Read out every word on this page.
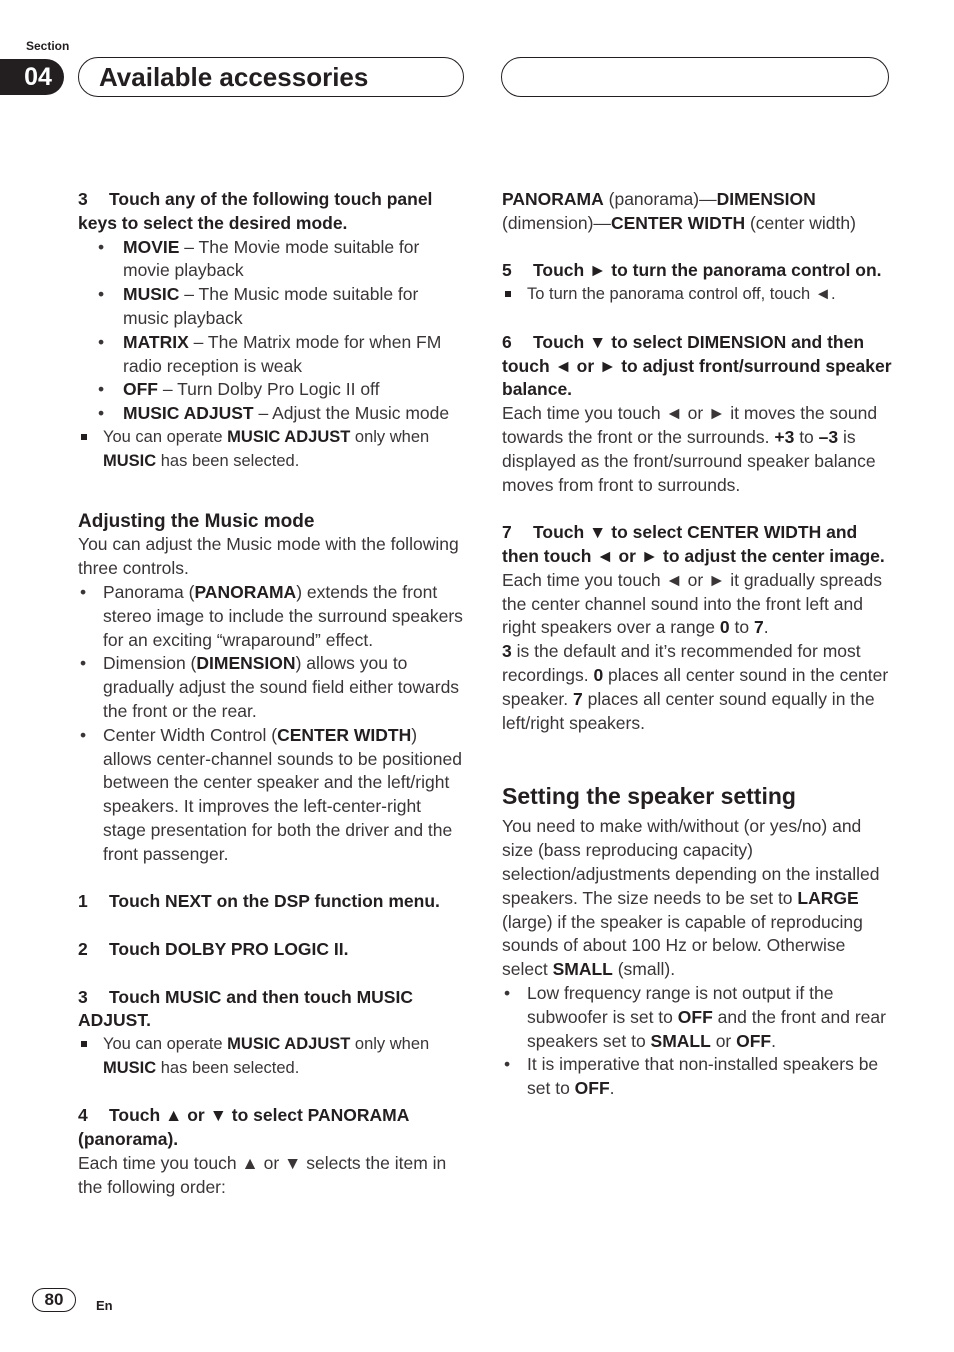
Section
04	Available accessories

3 Touch any of the following touch panel keys to select the desired mode.

• MOVIE – The Movie mode suitable for movie playback

• MUSIC – The Music mode suitable for music playback

• MATRIX – The Matrix mode for when FM radio reception is weak

• OFF – Turn Dolby Pro Logic II off

• MUSIC ADJUST – Adjust the Music mode

You can operate MUSIC ADJUST only when MUSIC has been selected.

Adjusting the Music mode

You can adjust the Music mode with the following three controls.

• Panorama (PANORAMA) extends the front stereo image to include the surround speakers for an exciting “wraparound” effect.

• Dimension (DIMENSION) allows you to gradually adjust the sound field either towards the front or the rear.

• Center Width Control (CENTER WIDTH) allows center-channel sounds to be positioned between the center speaker and the left/right speakers. It improves the left-center-right stage presentation for both the driver and the front passenger.

1 Touch NEXT on the DSP function menu.

2 Touch DOLBY PRO LOGIC II.

3 Touch MUSIC and then touch MUSIC ADJUST.

You can operate MUSIC ADJUST only when MUSIC has been selected.

4 Touch ▲ or ▼ to select PANORAMA (panorama).

Each time you touch ▲ or ▼ selects the item in the following order:

PANORAMA (panorama)—DIMENSION (dimension)—CENTER WIDTH (center width)

5 Touch ► to turn the panorama control on.

To turn the panorama control off, touch ◄.

6 Touch ▼ to select DIMENSION and then touch ◄ or ► to adjust front/surround speaker balance.

Each time you touch ◄ or ► it moves the sound towards the front or the surrounds. +3 to –3 is displayed as the front/surround speaker balance moves from front to surrounds.

7 Touch ▼ to select CENTER WIDTH and then touch ◄ or ► to adjust the center image.

Each time you touch ◄ or ► it gradually spreads the center channel sound into the front left and right speakers over a range 0 to 7.

3 is the default and it’s recommended for most recordings. 0 places all center sound in the center speaker. 7 places all center sound equally in the left/right speakers.

Setting the speaker setting

You need to make with/without (or yes/no) and size (bass reproducing capacity) selection/adjustments depending on the installed speakers. The size needs to be set to LARGE (large) if the speaker is capable of reproducing sounds of about 100 Hz or below. Otherwise select SMALL (small).

• Low frequency range is not output if the subwoofer is set to OFF and the front and rear speakers set to SMALL or OFF.

• It is imperative that non-installed speakers be set to OFF.

80	En
